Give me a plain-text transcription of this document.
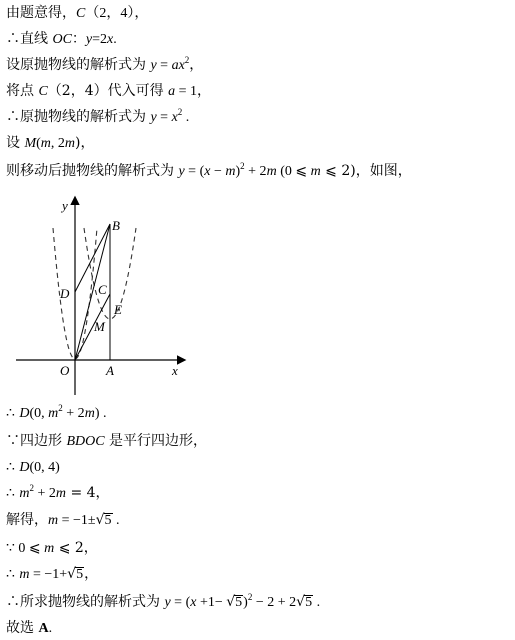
由题意得，C（2，4），
∴直线 OC：y=2x.
设原抛物线的解析式为 $y = ax^2$，
将点 C（2，4）代入可得 a = 1，
∴原抛物线的解析式为 $y = x^2$ .
设 M(m, 2m)，
则移动后抛物线的解析式为 $y = (x - m)^2 + 2m$ (0 ⩽ m ⩽ 2)，如图，
y
x
O	A
B
C
D
E
M
∴ D(0, $m^2 + 2m$) .
∵四边形 BDOC 是平行四边形，
∴ D(0, 4)
∴ $m^2 + 2m = 4$，
解得，m = −1±√5 .
∵ 0 ⩽ m ⩽ 2，
∴ m = −1+√5，
∴所求抛物线的解析式为 $y = (x +1- √5)^2 - 2 + 2√5$ .
故选 A.
